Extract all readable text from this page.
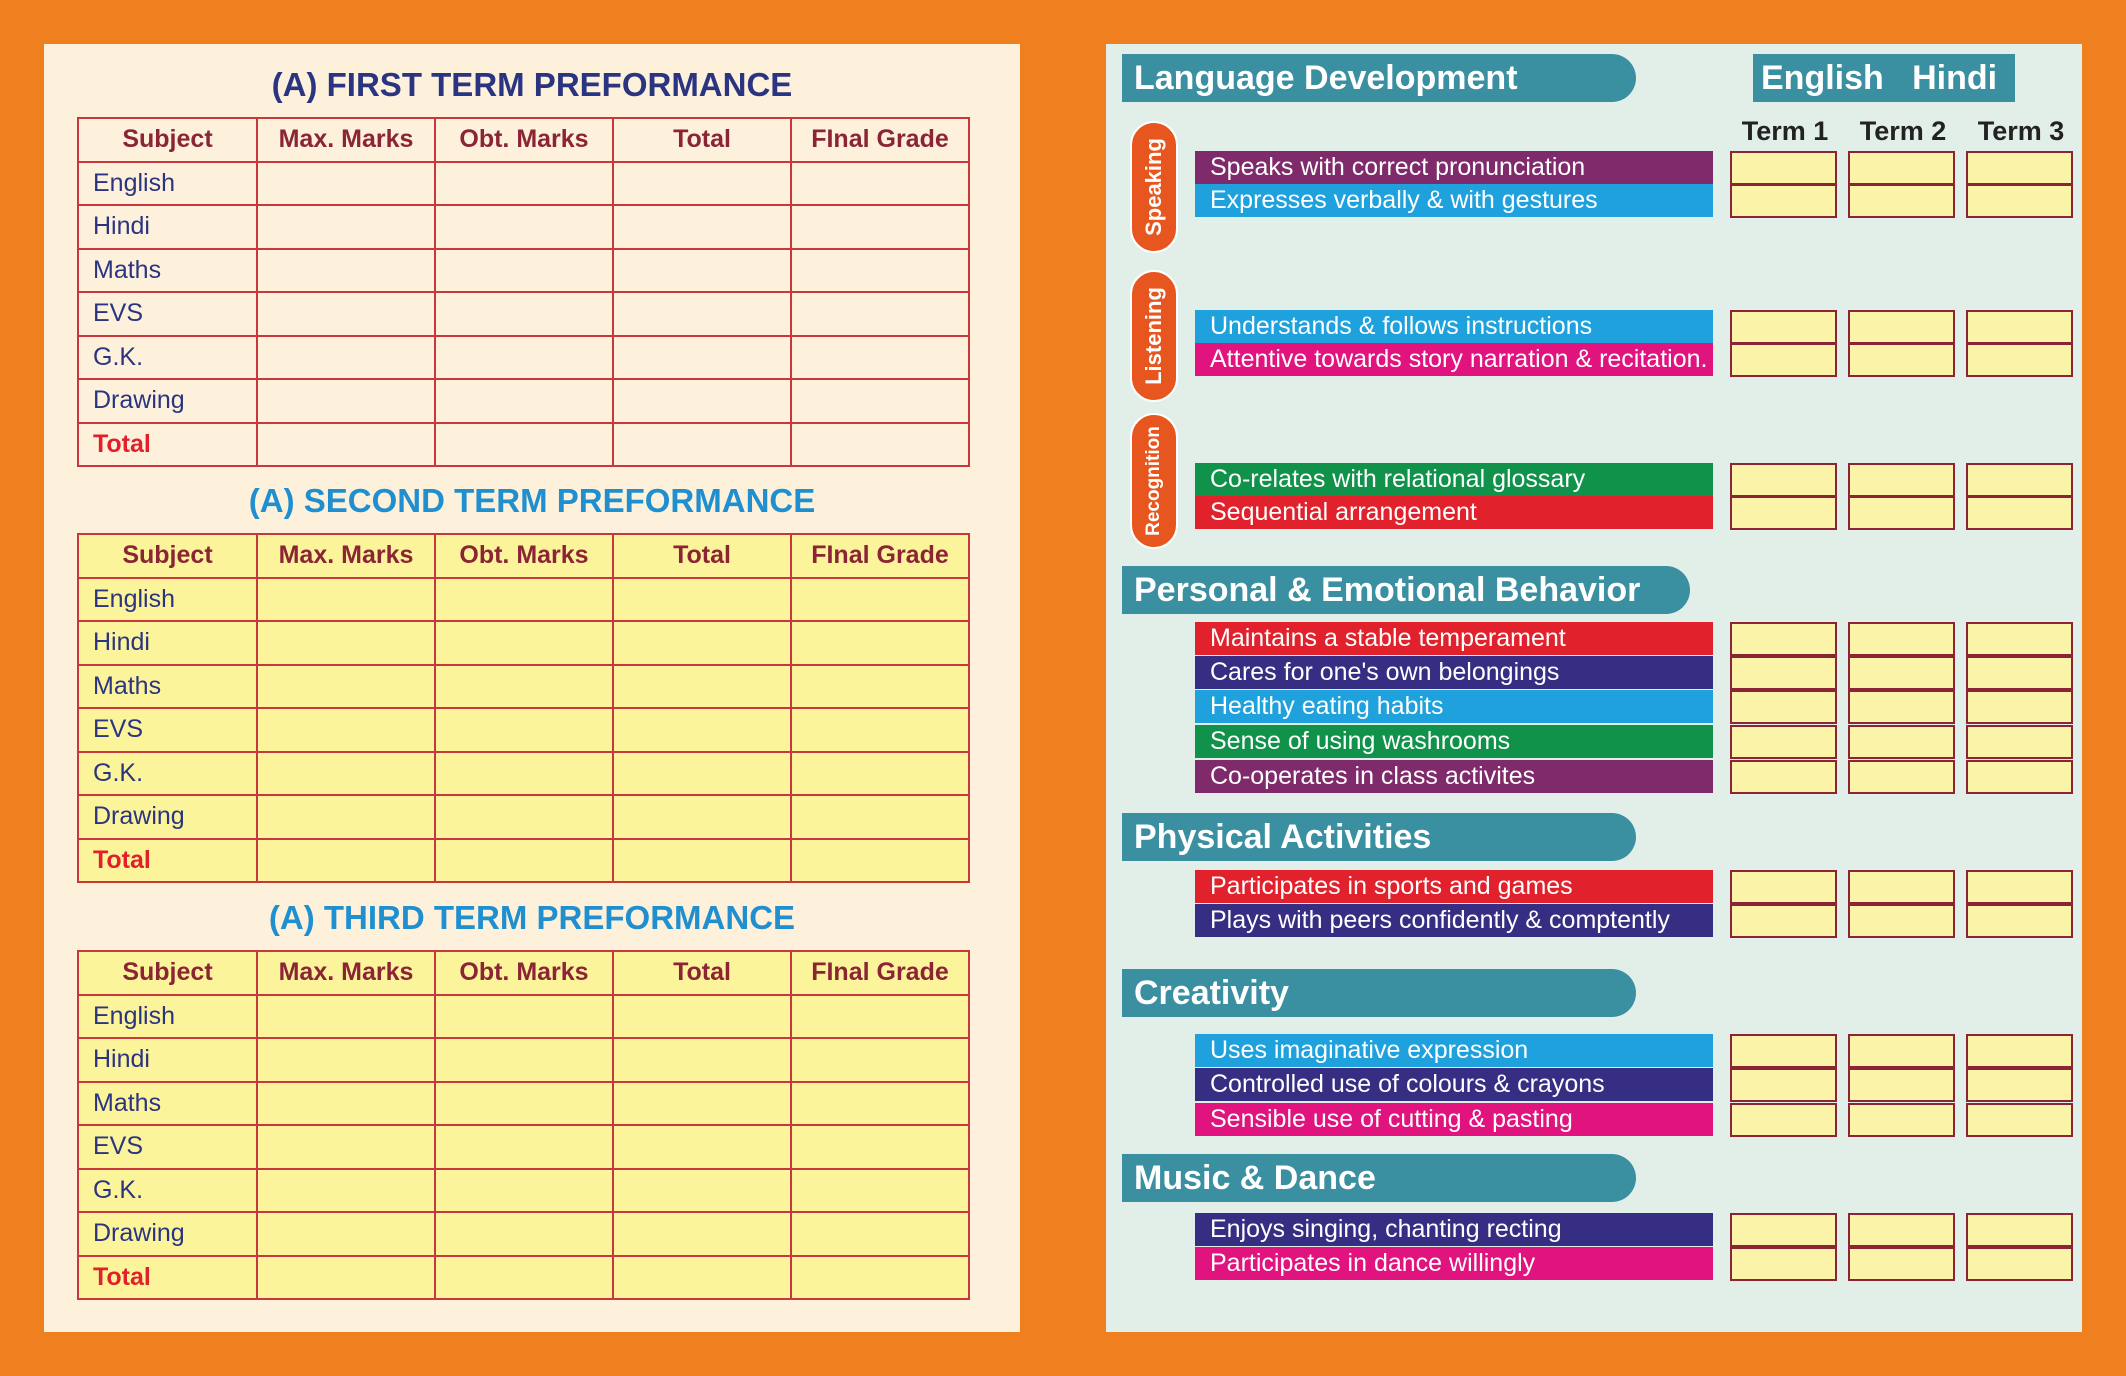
(A) FIRST TERM PREFORMANCE
Subject	Max. Marks	Obt. Marks	Total	FInal Grade
English				
Hindi				
Maths				
EVS				
G.K.				
Drawing				
Total				
(A) SECOND TERM PREFORMANCE
Subject	Max. Marks	Obt. Marks	Total	FInal Grade
English				
Hindi				
Maths				
EVS				
G.K.				
Drawing				
Total				
(A) THIRD TERM PREFORMANCE
Subject	Max. Marks	Obt. Marks	Total	FInal Grade
English				
Hindi				
Maths				
EVS				
G.K.				
Drawing				
Total				
Language Development	English   Hindi
Term 1	Term 2	Term 3
Speaking	Speaks with correct pronunciation
Expresses verbally & with gestures
Listening	Understands & follows instructions
Attentive towards story narration & recitation.
Recognition	Co-relates with relational glossary
Sequential arrangement
Personal & Emotional Behavior
Maintains a stable temperament
Cares for one's own belongings
Healthy eating habits
Sense of using washrooms
Co-operates in class activites
Physical Activities
Participates in sports and games
Plays with peers confidently & comptently
Creativity
Uses imaginative expression
Controlled use of colours & crayons
Sensible use of cutting & pasting
Music & Dance
Enjoys singing, chanting recting
Participates in dance willingly
